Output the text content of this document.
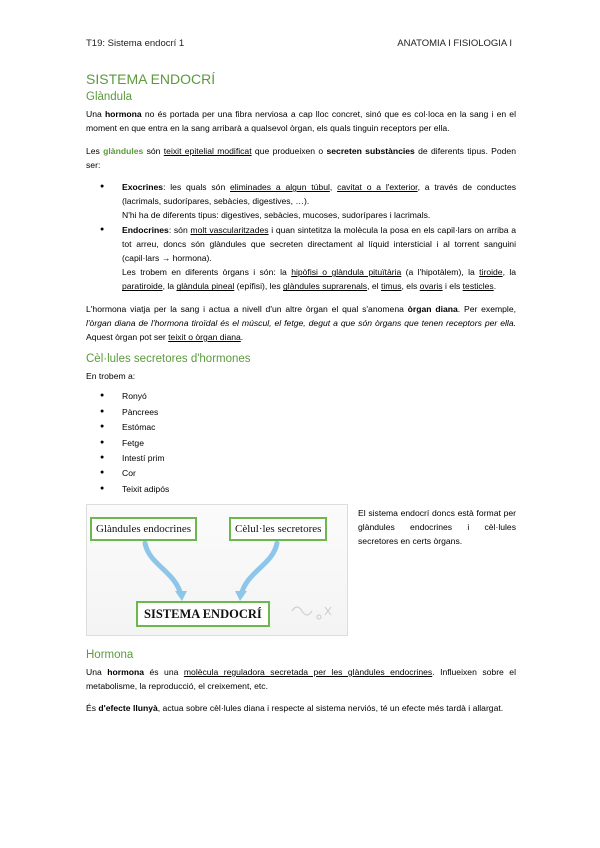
T19: Sistema endocrí 1	ANATOMIA I FISIOLOGIA I
SISTEMA ENDOCRÍ
Glàndula

Una hormona no és portada per una fibra nerviosa a cap lloc concret, sinó que es col·loca en la sang i en el moment en que entra en la sang arribarà a qualsevol òrgan, els quals tinguin receptors per ella.

Les glàndules són teixit epitelial modificat que produeixen o secreten substàncies de diferents tipus. Poden ser:

● Exocrines: les quals són eliminades a algun túbul, cavitat o a l'exterior, a través de conductes (lacrimals, sudorípares, sebàcies, digestives, …).
N'hi ha de diferents tipus: digestives, sebàcies, mucoses, sudorípares i lacrimals.
● Endocrines: són molt vascularitzades i quan sintetitza la molècula la posa en els capil·lars on arriba a tot arreu, doncs són glàndules que secreten directament al líquid intersticial i al torrent sanguini (capil·lars → hormona).
Les trobem en diferents òrgans i són: la hipòfisi o glàndula pituïtària (a l'hipotàlem), la tiroide, la paratiroide, la glàndula pineal (epífisi), les glàndules suprarenals, el timus, els ovaris i els testicles.

L'hormona viatja per la sang i actua a nivell d'un altre òrgan el qual s'anomena òrgan diana. Per exemple, l'òrgan diana de l'hormona tiroïdal és el múscul, el fetge, degut a que són òrgans que tenen receptors per ella. Aquest òrgan pot ser teixit o òrgan diana.

Cèl·lules secretores d'hormones
En trobem a:
● Ronyó
● Pàncrees
● Estómac
● Fetge
● Intestí prim
● Cor
● Teixit adipós
Glàndules endocrines	Cèlul·les secretores
SISTEMA ENDOCRÍ
El sistema endocrí doncs està format per glàndules endocrines i cèl·lules secretores en certs òrgans.
Hormona

Una hormona és una molècula reguladora secretada per les glàndules endocrines. Influeixen sobre el metabolisme, la reproducció, el creixement, etc.

És d'efecte llunyà, actua sobre cèl·lules diana i respecte al sistema nerviós, té un efecte més tardà i allargat.
